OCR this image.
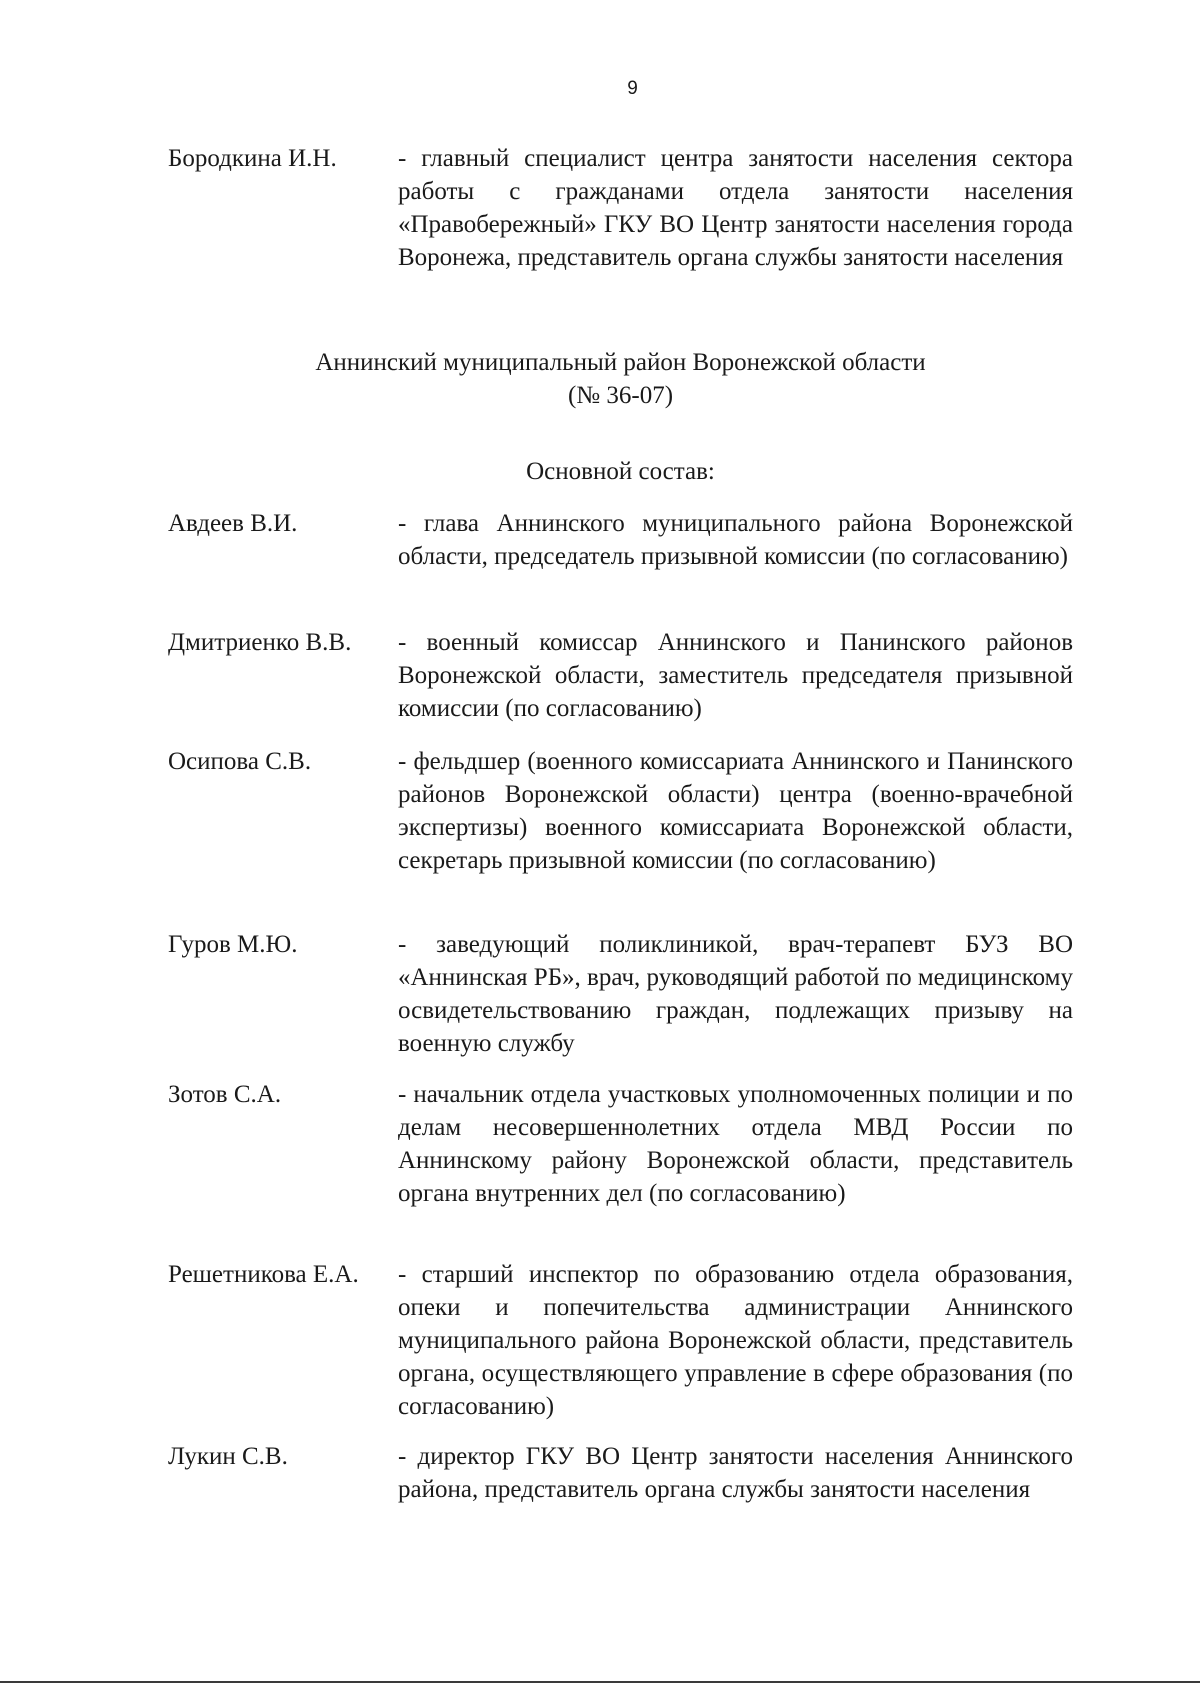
9
Бородкина И.Н. - главный специалист центра занятости населения сектора работы с гражданами отдела занятости населения «Правобережный» ГКУ ВО Центр занятости населения города Воронежа, представитель органа службы занятости населения
Аннинский муниципальный район Воронежской области
(№ 36-07)
Основной состав:
Авдеев В.И.	- глава Аннинского муниципального района Воронежской области, председатель призывной комиссии (по согласованию)
Дмитриенко В.В. - военный комиссар Аннинского и Панинского районов Воронежской области, заместитель председателя призывной комиссии (по согласованию)
Осипова С.В.	- фельдшер (военного комиссариата Аннинского и Панинского районов Воронежской области) центра (военно-врачебной экспертизы) военного комиссариата Воронежской области, секретарь призывной комиссии (по согласованию)
Гуров М.Ю.	- заведующий поликлиникой, врач-терапевт БУЗ ВО «Аннинская РБ», врач, руководящий работой по медицинскому освидетельствованию граждан, подлежащих призыву на военную службу
Зотов С.А.	- начальник отдела участковых уполномоченных полиции и по делам несовершеннолетних отдела МВД России по Аннинскому району Воронежской области, представитель органа внутренних дел (по согласованию)
Решетникова Е.А. - старший инспектор по образованию отдела образования, опеки и попечительства администрации Аннинского муниципального района Воронежской области, представитель органа, осуществляющего управление в сфере образования (по согласованию)
Лукин С.В.	- директор ГКУ ВО Центр занятости населения Аннинского района, представитель органа службы занятости населения
